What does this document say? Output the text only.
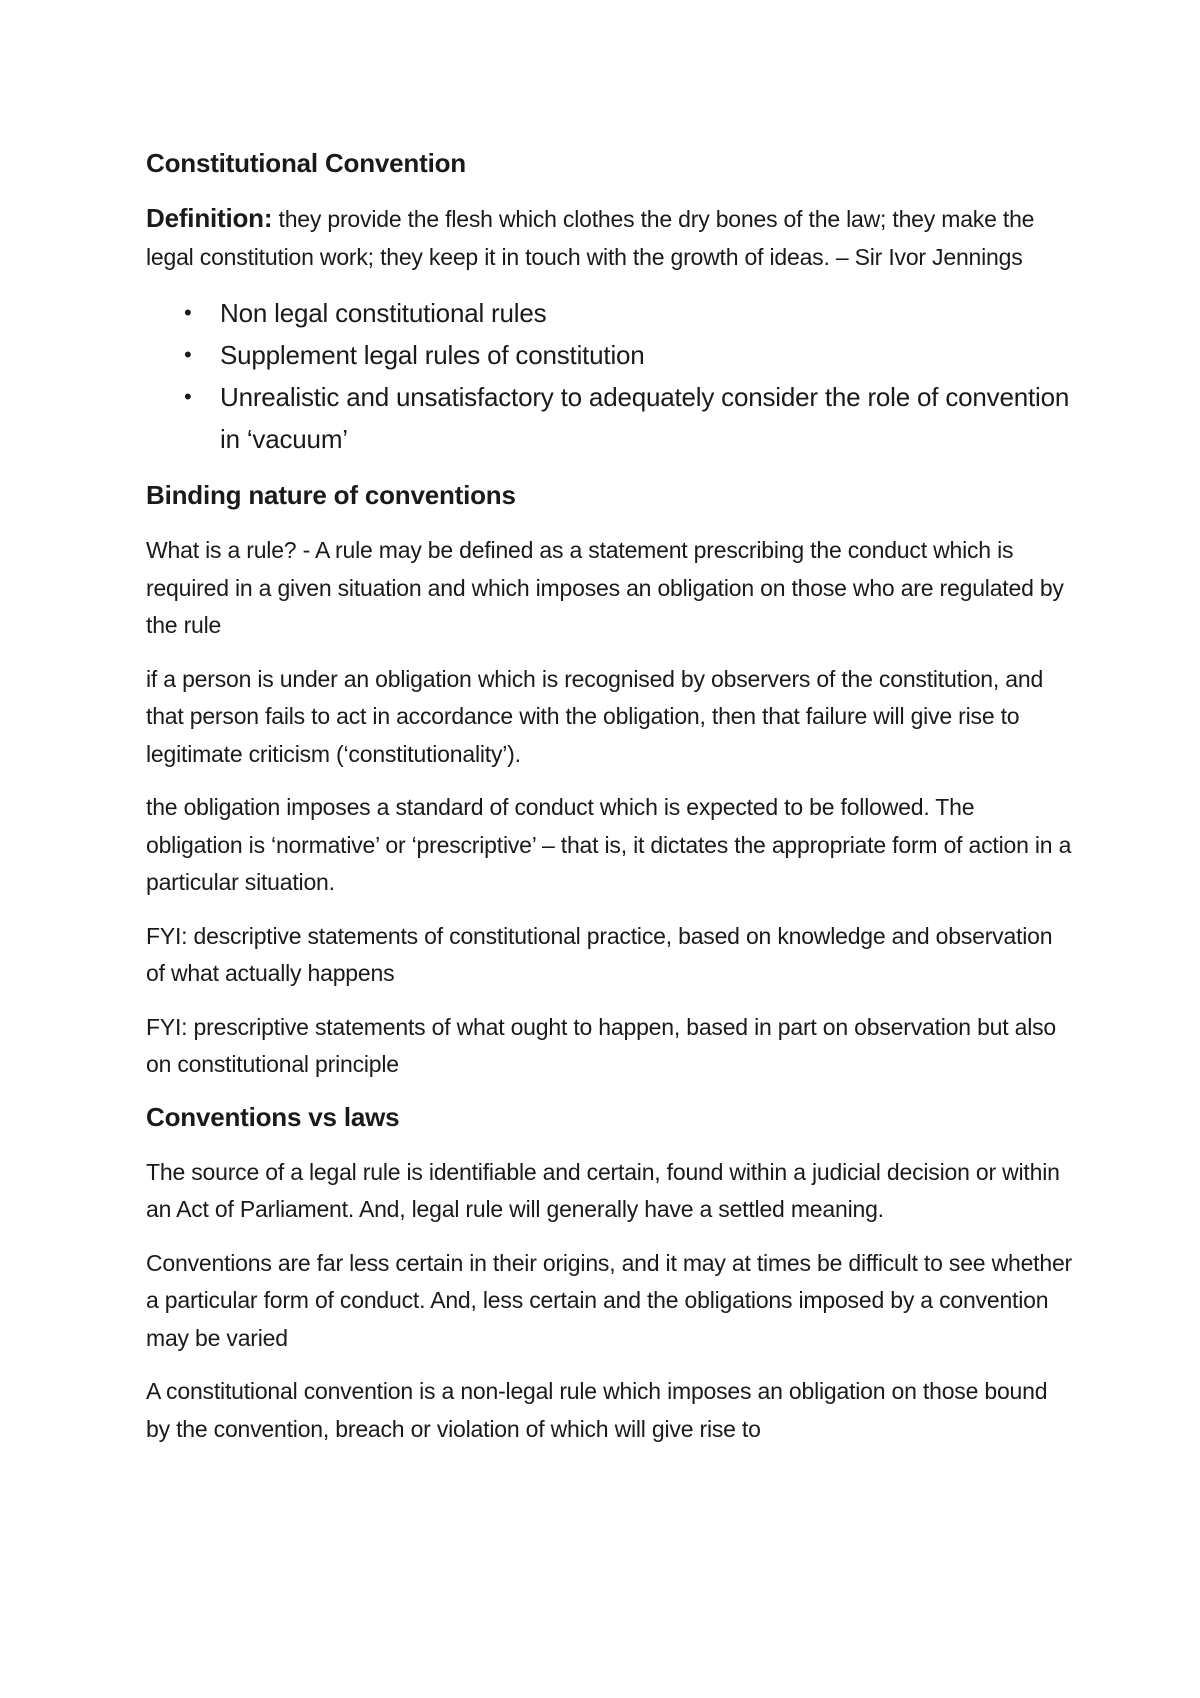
Constitutional Convention

Definition: they provide the flesh which clothes the dry bones of the law; they make the legal constitution work; they keep it in touch with the growth of ideas. – Sir Ivor Jennings

• Non legal constitutional rules
• Supplement legal rules of constitution
• Unrealistic and unsatisfactory to adequately consider the role of convention in ‘vacuum’
Binding nature of conventions

What is a rule? - A rule may be defined as a statement prescribing the conduct which is required in a given situation and which imposes an obligation on those who are regulated by the rule

if a person is under an obligation which is recognised by observers of the constitution, and that person fails to act in accordance with the obligation, then that failure will give rise to legitimate criticism (‘constitutionality’).

the obligation imposes a standard of conduct which is expected to be followed. The obligation is ‘normative’ or ‘prescriptive’ – that is, it dictates the appropriate form of action in a particular situation.

FYI: descriptive statements of constitutional practice, based on knowledge and observation of what actually happens

FYI: prescriptive statements of what ought to happen, based in part on observation but also on constitutional principle

Conventions vs laws

The source of a legal rule is identifiable and certain, found within a judicial decision or within an Act of Parliament. And, legal rule will generally have a settled meaning.

Conventions are far less certain in their origins, and it may at times be difficult to see whether a particular form of conduct. And, less certain and the obligations imposed by a convention may be varied

A constitutional convention is a non-legal rule which imposes an obligation on those bound by the convention, breach or violation of which will give rise to
